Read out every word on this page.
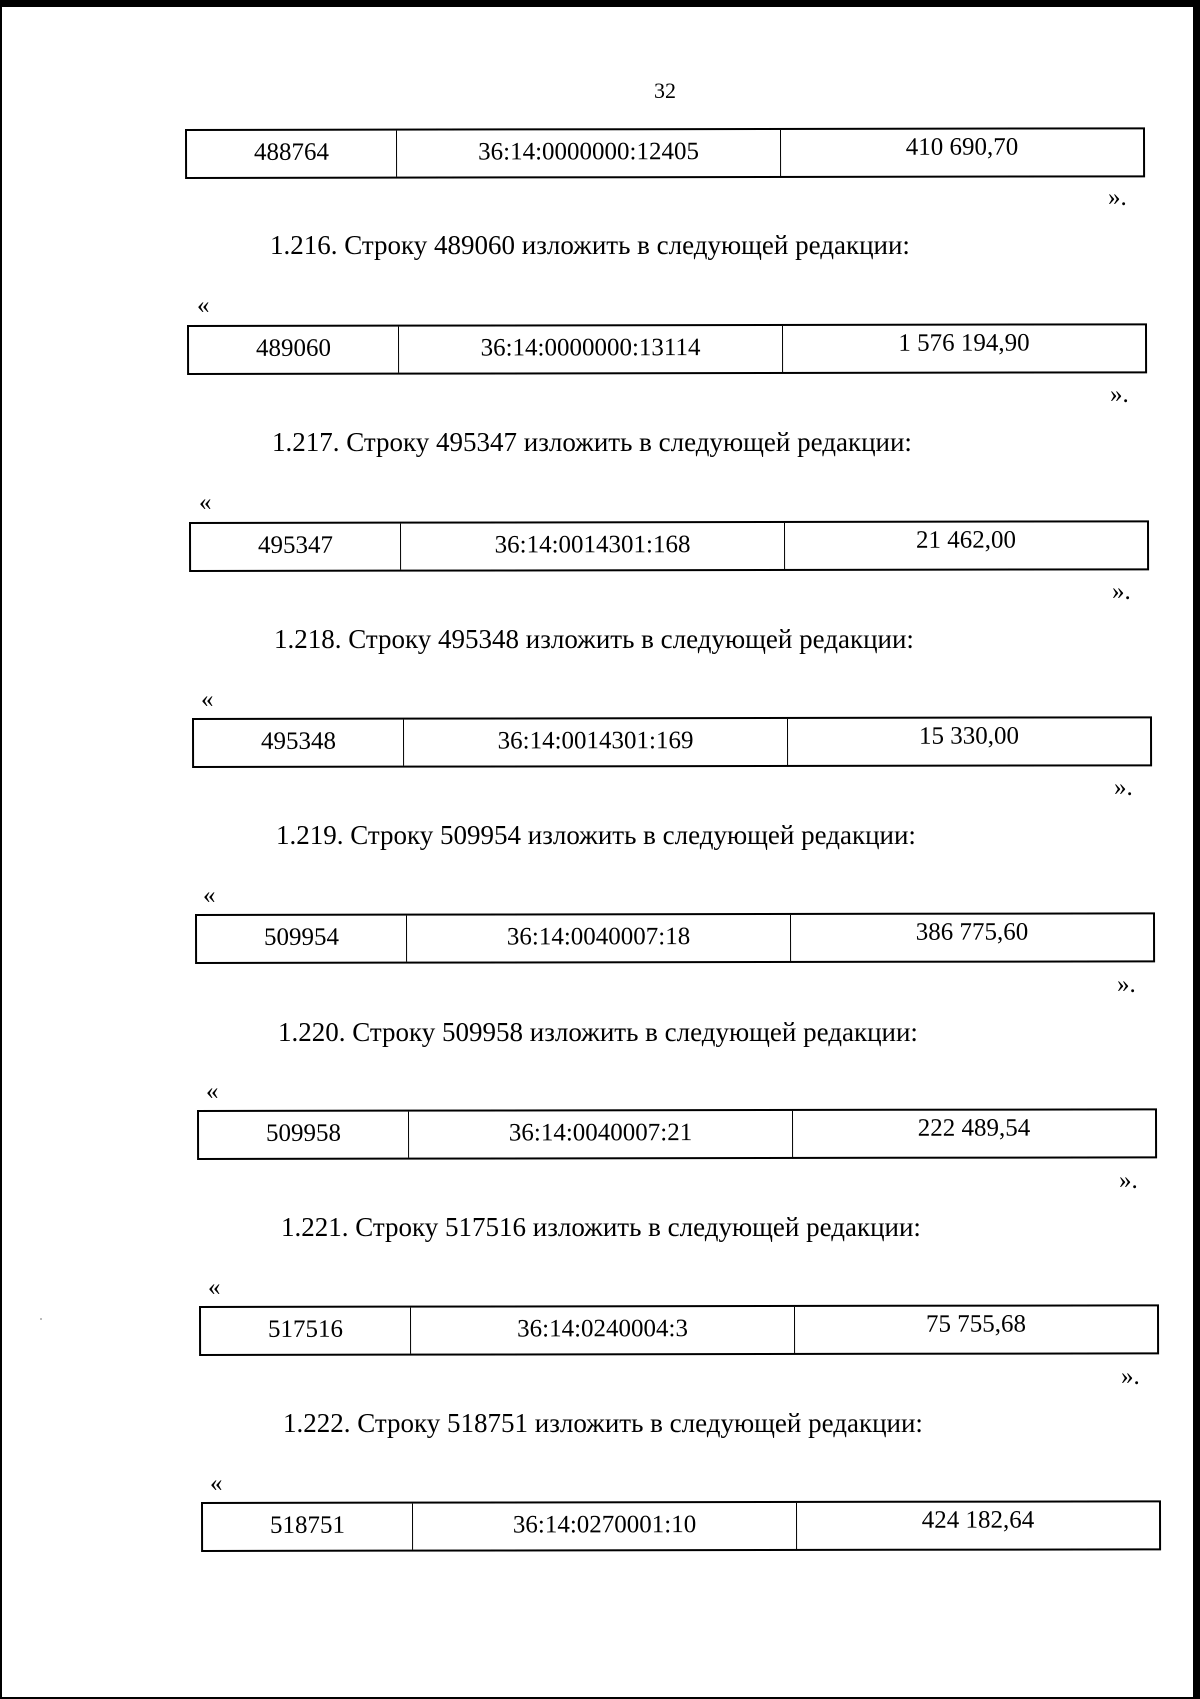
32
488764	36:14:0000000:12405	410 690,70
».
1.216. Строку 489060 изложить в следующей редакции:
«
489060	36:14:0000000:13114	1 576 194,90
».
1.217. Строку 495347 изложить в следующей редакции:
«
495347	36:14:0014301:168	21 462,00
».
1.218. Строку 495348 изложить в следующей редакции:
«
495348	36:14:0014301:169	15 330,00
».
1.219. Строку 509954 изложить в следующей редакции:
«
509954	36:14:0040007:18	386 775,60
».
1.220. Строку 509958 изложить в следующей редакции:
«
509958	36:14:0040007:21	222 489,54
».
1.221. Строку 517516 изложить в следующей редакции:
«
517516	36:14:0240004:3	75 755,68
».
1.222. Строку 518751 изложить в следующей редакции:
«
518751	36:14:0270001:10	424 182,64
